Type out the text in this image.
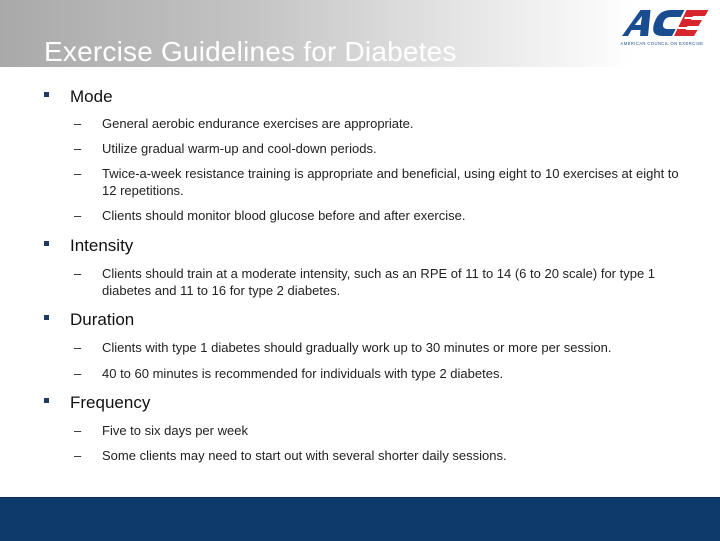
Exercise Guidelines for Diabetes	AMERICAN COUNCIL ON EXERCISE
Mode
– General aerobic endurance exercises are appropriate.
– Utilize gradual warm-up and cool-down periods.
– Twice-a-week resistance training is appropriate and beneficial, using eight to 10 exercises at eight to 12 repetitions.
– Clients should monitor blood glucose before and after exercise.
Intensity
– Clients should train at a moderate intensity, such as an RPE of 11 to 14 (6 to 20 scale) for type 1 diabetes and 11 to 16 for type 2 diabetes.
Duration
– Clients with type 1 diabetes should gradually work up to 30 minutes or more per session.
– 40 to 60 minutes is recommended for individuals with type 2 diabetes.
Frequency
– Five to six days per week
– Some clients may need to start out with several shorter daily sessions.
